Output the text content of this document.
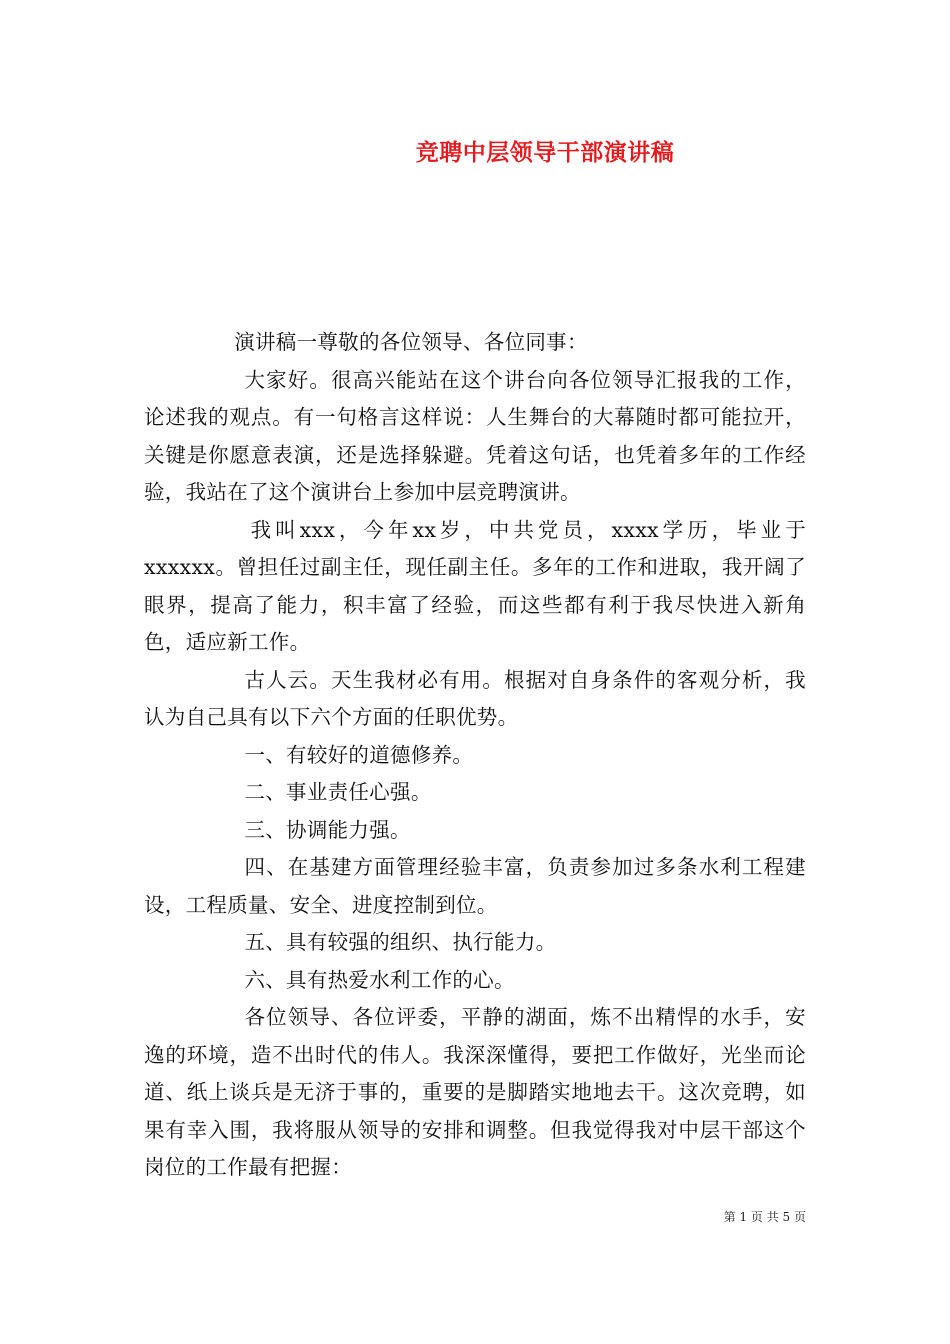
竞聘中层领导干部演讲稿

演讲稿一尊敬的各位领导、各位同事：

大家好。很高兴能站在这个讲台向各位领导汇报我的工作，论述我的观点。有一句格言这样说：人生舞台的大幕随时都可能拉开，关键是你愿意表演，还是选择躲避。凭着这句话，也凭着多年的工作经验，我站在了这个演讲台上参加中层竞聘演讲。

我叫xxx，今年xx岁，中共党员，xxxx学历，毕业于xxxxxx。曾担任过副主任，现任副主任。多年的工作和进取，我开阔了眼界，提高了能力，积丰富了经验，而这些都有利于我尽快进入新角色，适应新工作。

古人云。天生我材必有用。根据对自身条件的客观分析，我认为自己具有以下六个方面的任职优势。

一、有较好的道德修养。

二、事业责任心强。

三、协调能力强。

四、在基建方面管理经验丰富，负责参加过多条水利工程建设，工程质量、安全、进度控制到位。

五、具有较强的组织、执行能力。

六、具有热爱水利工作的心。

各位领导、各位评委，平静的湖面，炼不出精悍的水手，安逸的环境，造不出时代的伟人。我深深懂得，要把工作做好，光坐而论道、纸上谈兵是无济于事的，重要的是脚踏实地地去干。这次竞聘，如果有幸入围，我将服从领导的安排和调整。但我觉得我对中层干部这个岗位的工作最有把握：

第 1 页 共 5 页
